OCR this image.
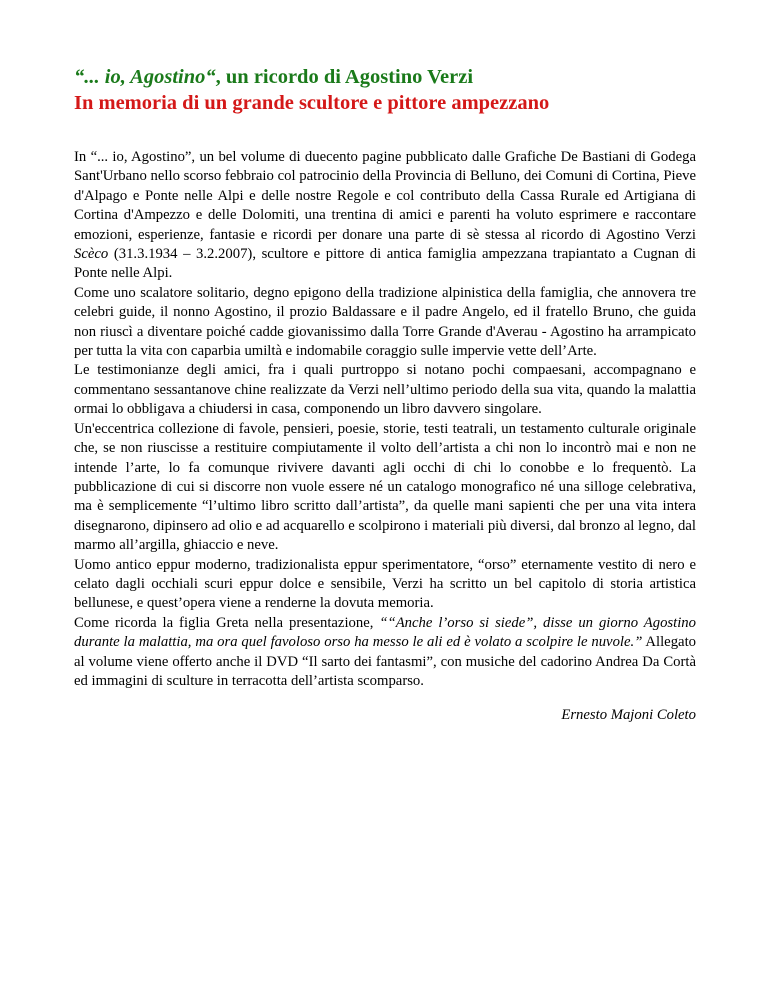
“... io, Agostino“, un ricordo di Agostino Verzi
In memoria di un grande scultore e pittore ampezzano

In “... io, Agostino”, un bel volume di duecento pagine pubblicato dalle Grafiche De Bastiani di Godega Sant'Urbano nello scorso febbraio col patrocinio della Provincia di Belluno, dei Comuni di Cortina, Pieve d'Alpago e Ponte nelle Alpi e delle nostre Regole e col contributo della Cassa Rurale ed Artigiana di Cortina d'Ampezzo e delle Dolomiti, una trentina di amici e parenti ha voluto esprimere e raccontare emozioni, esperienze, fantasie e ricordi per donare una parte di sè stessa al ricordo di Agostino Verzi Scèco (31.3.1934 – 3.2.2007), scultore e pittore di antica famiglia ampezzana trapiantato a Cugnan di Ponte nelle Alpi.

Come uno scalatore solitario, degno epigono della tradizione alpinistica della famiglia, che annovera tre celebri guide, il nonno Agostino, il prozio Baldassare e il padre Angelo, ed il fratello Bruno, che guida non riuscì a diventare poiché cadde giovanissimo dalla Torre Grande d'Averau - Agostino ha arrampicato per tutta la vita con caparbia umiltà e indomabile coraggio sulle impervie vette dell’Arte.

Le testimonianze degli amici, fra i quali purtroppo si notano pochi compaesani, accompagnano e commentano sessantanove chine realizzate da Verzi nell’ultimo periodo della sua vita, quando la malattia ormai lo obbligava a chiudersi in casa, componendo un libro davvero singolare.

Un'eccentrica collezione di favole, pensieri, poesie, storie, testi teatrali, un testamento culturale originale che, se non riuscisse a restituire compiutamente il volto dell’artista a chi non lo incontrò mai e non ne intende l’arte, lo fa comunque rivivere davanti agli occhi di chi lo conobbe e lo frequentò. La pubblicazione di cui si discorre non vuole essere né un catalogo monografico né una silloge celebrativa, ma è semplicemente “l’ultimo libro scritto dall’artista”, da quelle mani sapienti che per una vita intera disegnarono, dipinsero ad olio e ad acquarello e scolpirono i materiali più diversi, dal bronzo al legno, dal marmo all’argilla, ghiaccio e neve.

Uomo antico eppur moderno, tradizionalista eppur sperimentatore, “orso” eternamente vestito di nero e celato dagli occhiali scuri eppur dolce e sensibile, Verzi ha scritto un bel capitolo di storia artistica bellunese, e quest’opera viene a renderne la dovuta memoria.

Come ricorda la figlia Greta nella presentazione, ““Anche l’orso si siede”, disse un giorno Agostino durante la malattia, ma ora quel favoloso orso ha messo le ali ed è volato a scolpire le nuvole.” Allegato al volume viene offerto anche il DVD “Il sarto dei fantasmi”, con musiche del cadorino Andrea Da Cortà ed immagini di sculture in terracotta dell’artista scomparso.

Ernesto Majoni Coleto
